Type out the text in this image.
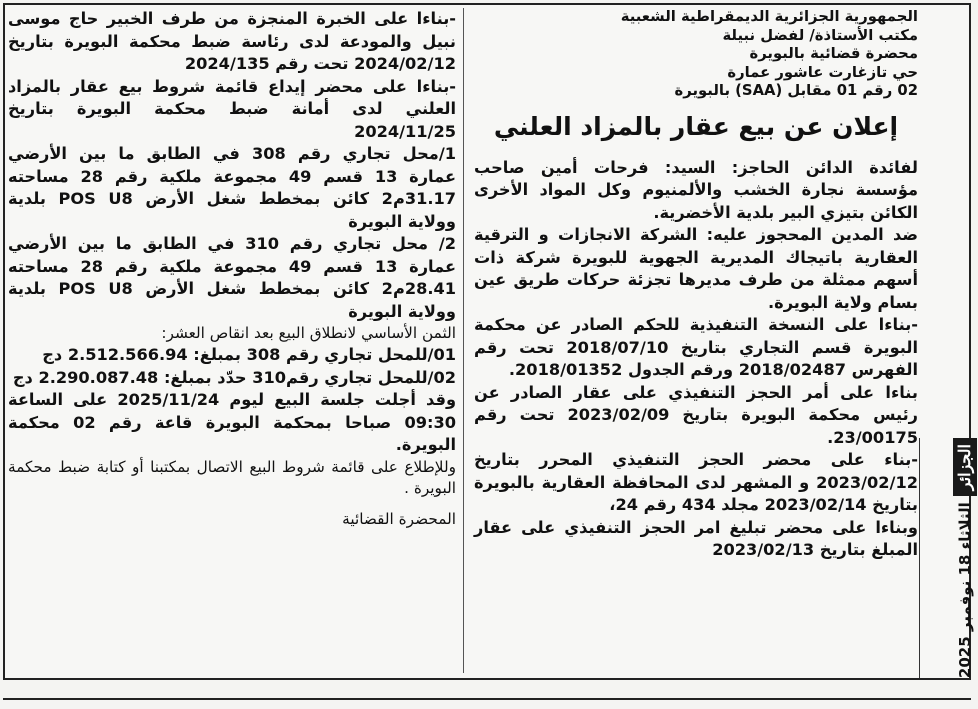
الجمهورية الجزائرية الديمقراطية الشعبية

مكتب الأستاذة/ لفضل نبيلة

محضرة قضائية بالبويرة

حي تازغارت عاشور عمارة

02 رقم 01 مقابل (SAA) بالبويرة

إعلان عن بيع عقار بالمزاد العلني

لفائدة الدائن الحاجز: السيد: فرحات أمين صاحب مؤسسة نجارة الخشب والألمنيوم وكل المواد الأخرى الكائن بتيزي البير بلدية الأخضرية.

ضد المدين المحجوز عليه: الشركة الانجازات و الترقية العقارية باتيجاك المديرية الجهوية للبويرة شركة ذات أسهم ممثلة من طرف مديرها تجزئة حركات طريق عين بسام ولاية البويرة.

-بناءا على النسخة التنفيذية للحكم الصادر عن محكمة البويرة قسم التجاري بتاريخ 2018/07/10 تحت رقم الفهرس 2018/02487 ورقم الجدول 2018/01352.

بناءا على أمر الحجز التنفيذي على عقار الصادر عن رئيس محكمة البويرة بتاريخ 2023/02/09 تحت رقم 23/00175.

-بناء على محضر الحجز التنفيذي المحرر بتاريخ 2023/02/12 و المشهر لدى المحافظة العقارية بالبويرة بتاريخ 2023/02/14 مجلد 434 رقم 24،

وبناءا على محضر تبليغ امر الحجز التنفيذي على عقار المبلغ بتاريخ 2023/02/13

-بناءا على الخبرة المنجزة من طرف الخبير حاج موسى نبيل والمودعة لدى رئاسة ضبط محكمة البويرة بتاريخ 2024/02/12 تحت رقم 2024/135

-بناءا على محضر إيداع قائمة شروط بيع عقار بالمزاد العلني لدى أمانة ضبط محكمة البويرة بتاريخ 2024/11/25

1/محل تجاري رقم 308 في الطابق ما بين الأرضي عمارة 13 قسم 49 مجموعة ملكية رقم 28 مساحته 31.17م2 كائن بمخطط شغل الأرض POS U8 بلدية وولاية البويرة

2/ محل تجاري رقم 310 في الطابق ما بين الأرضي عمارة 13 قسم 49 مجموعة ملكية رقم 28 مساحته 28.41م2 كائن بمخطط شغل الأرض POS U8 بلدية وولاية البويرة

الثمن الأساسي لانطلاق البيع بعد انقاص العشر:

01/للمحل تجاري رقم 308 بمبلغ: 2.512.566.94 دج

02/للمحل تجاري رقم310 حدّد بمبلغ: 2.290.087.48 دج

وقد أجلت جلسة البيع ليوم 2025/11/24 على الساعة 09:30 صباحا بمحكمة البويرة قاعة رقم 02 محكمة البويرة.

وللإطلاع على قائمة شروط البيع الاتصال بمكتبنا أو كتابة ضبط محكمة البويرة .

المحضرة القضائية

الجزائر
الثلاثاء 18 نوفمبر 2025
